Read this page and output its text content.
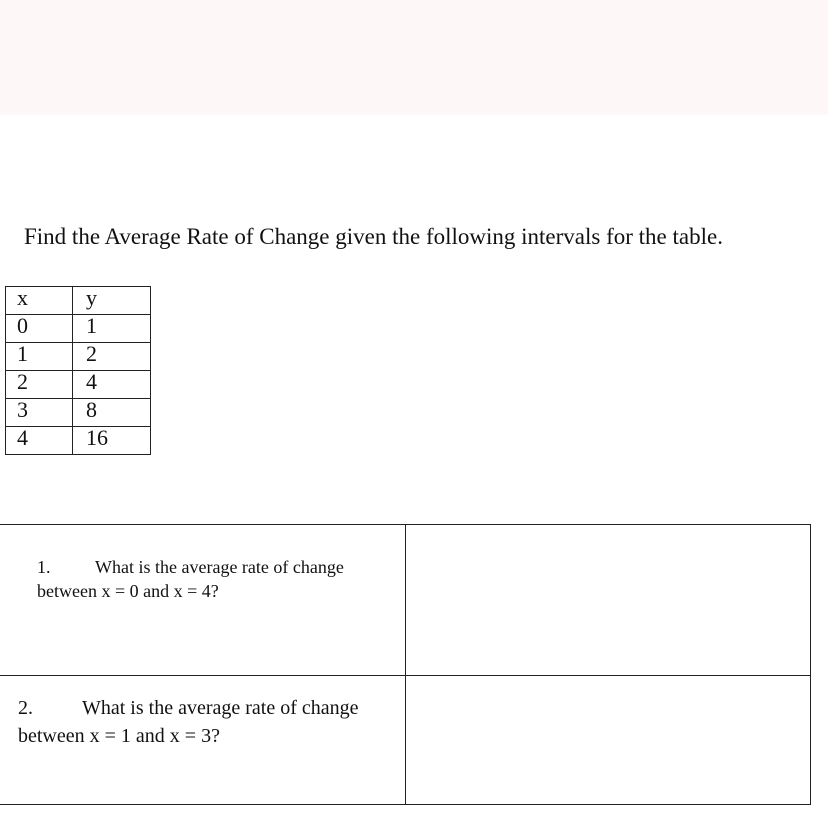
Find the Average Rate of Change given the following intervals for the table.
x	y
0	1
1	2
2	4
3	8
4	16
1. What is the average rate of change
between x = 0 and x = 4?	

2. What is the average rate of change
between x = 1 and x = 3?	
